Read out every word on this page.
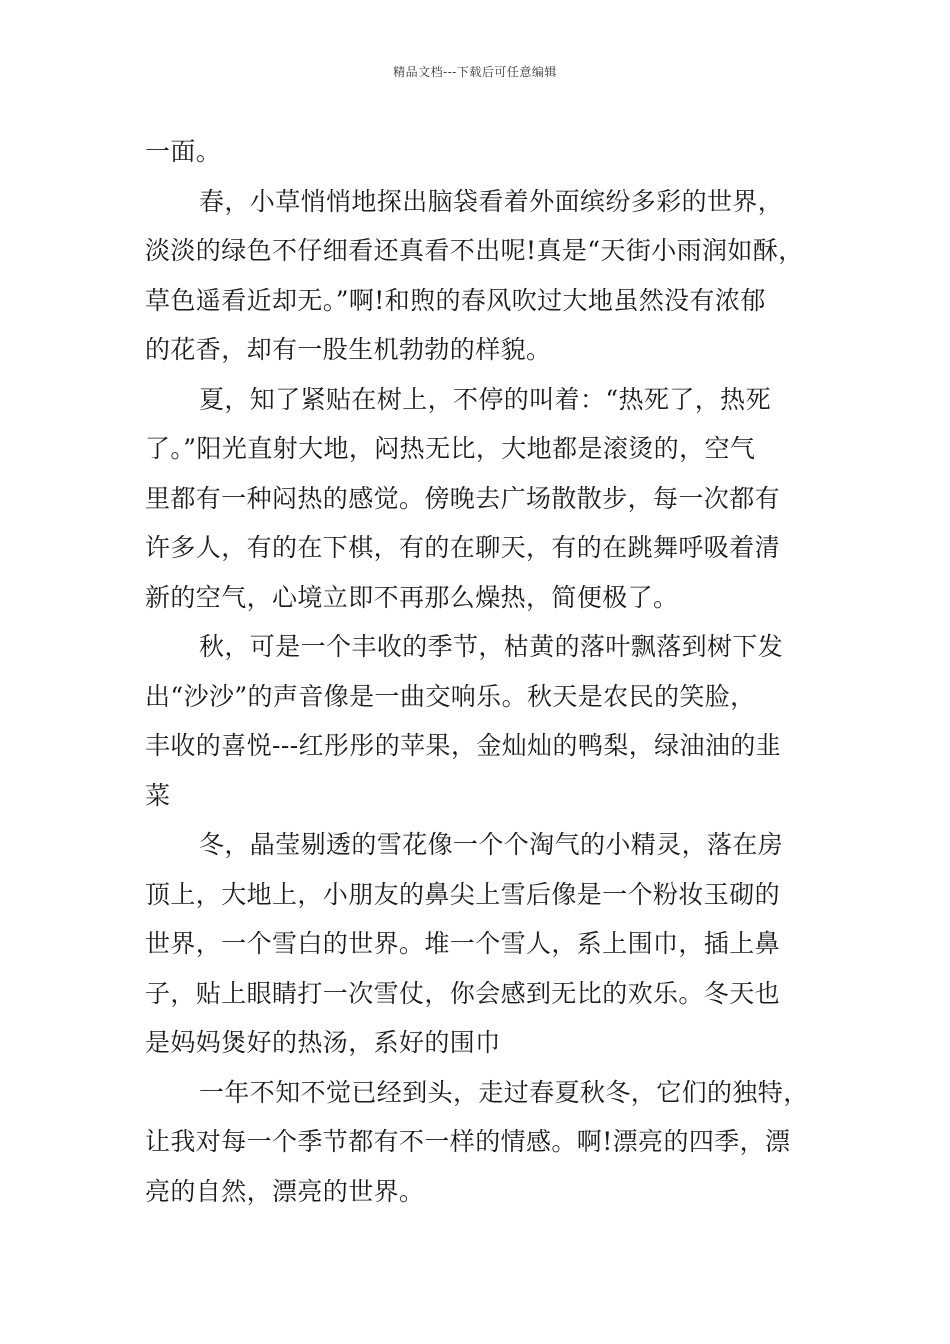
精品文档---下载后可任意编辑
一面。
春，小草悄悄地探出脑袋看着外面缤纷多彩的世界，
淡淡的绿色不仔细看还真看不出呢!真是“天街小雨润如酥，
草色遥看近却无。”啊!和煦的春风吹过大地虽然没有浓郁
的花香，却有一股生机勃勃的样貌。
夏，知了紧贴在树上，不停的叫着：“热死了，热死
了。”阳光直射大地，闷热无比，大地都是滚烫的，空气
里都有一种闷热的感觉。傍晚去广场散散步，每一次都有
许多人，有的在下棋，有的在聊天，有的在跳舞呼吸着清
新的空气，心境立即不再那么燥热，简便极了。
秋，可是一个丰收的季节，枯黄的落叶飘落到树下发
出“沙沙”的声音像是一曲交响乐。秋天是农民的笑脸，
丰收的喜悦---红彤彤的苹果，金灿灿的鸭梨，绿油油的韭
菜
冬，晶莹剔透的雪花像一个个淘气的小精灵，落在房
顶上，大地上，小朋友的鼻尖上雪后像是一个粉妆玉砌的
世界，一个雪白的世界。堆一个雪人，系上围巾，插上鼻
子，贴上眼睛打一次雪仗，你会感到无比的欢乐。冬天也
是妈妈煲好的热汤，系好的围巾
一年不知不觉已经到头，走过春夏秋冬，它们的独特，
让我对每一个季节都有不一样的情感。啊!漂亮的四季，漂
亮的自然，漂亮的世界。
